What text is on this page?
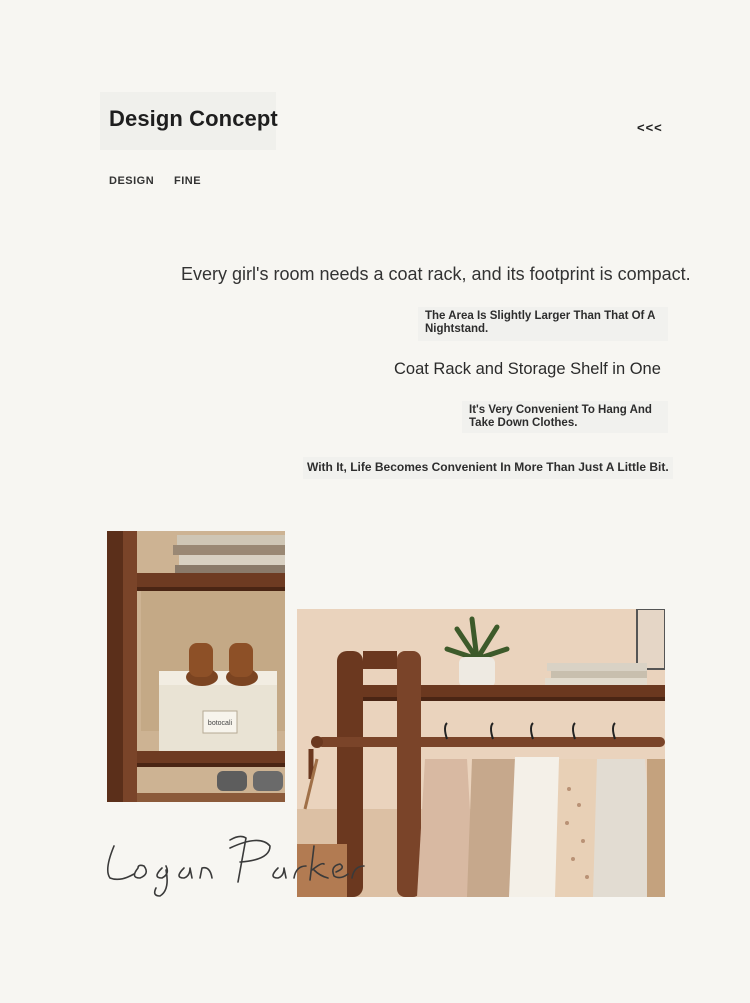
Design Concept	<<<
DESIGN FINE
Every girl's room needs a coat rack, and its footprint is compact.
The Area Is Slightly Larger Than That Of A Nightstand.
Coat Rack and Storage Shelf in One
It's Very Convenient To Hang And Take Down Clothes.
With It, Life Becomes Convenient In More Than Just A Little Bit.
botocali
